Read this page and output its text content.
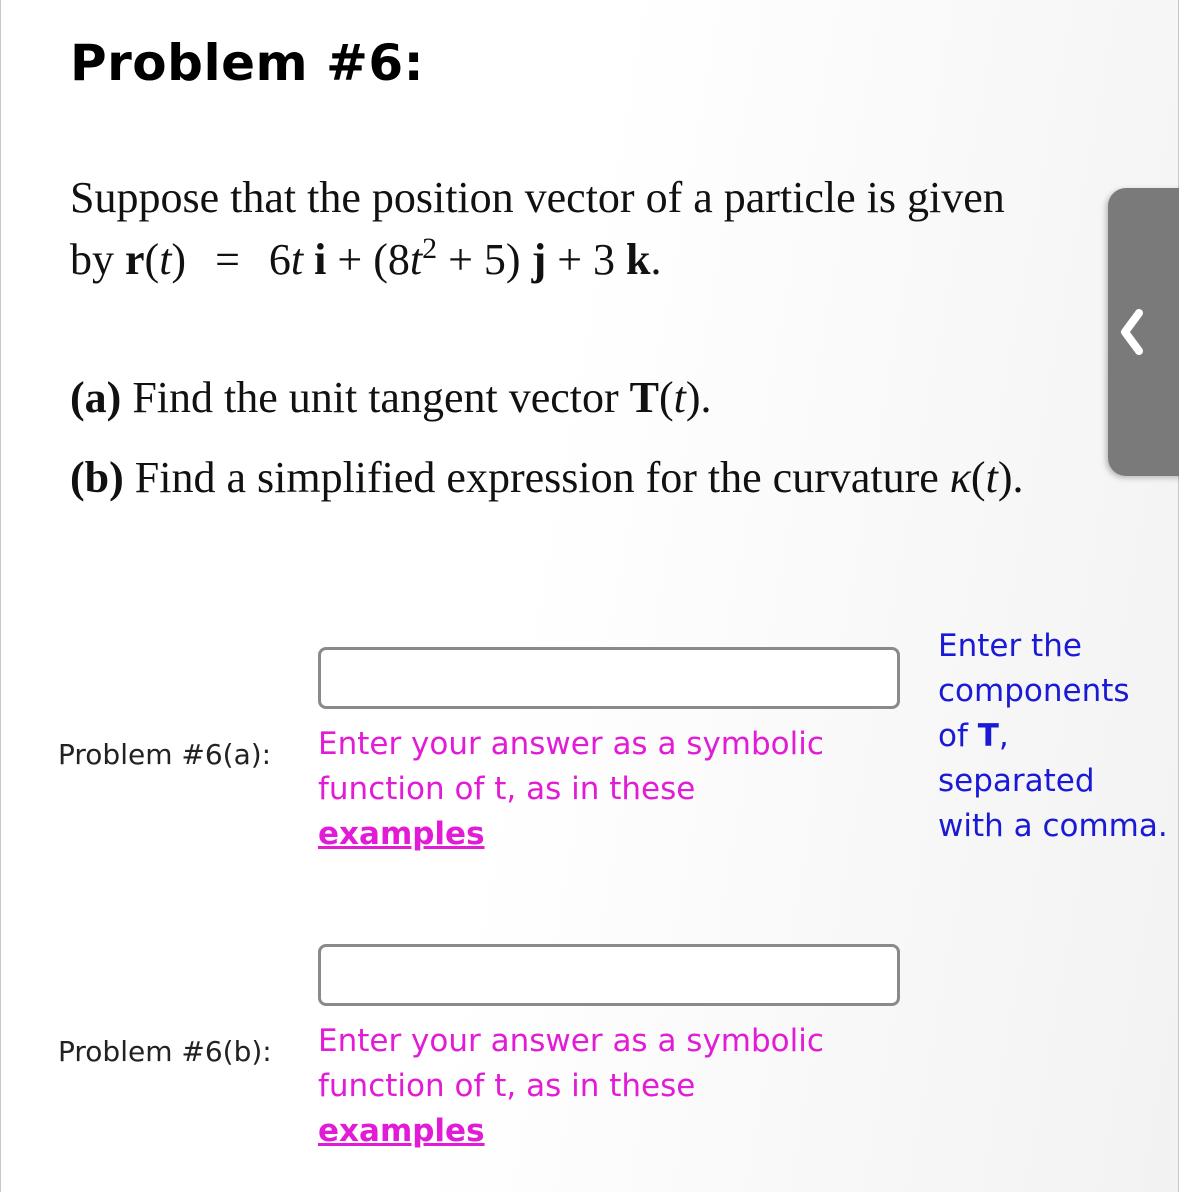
Problem #6:
Suppose that the position vector of a particle is given
by r(t) = 6t $i + (8t^2 + 5) j + 3$ k.
(a) Find the unit tangent vector T(t).
(b) Find a simplified expression for the curvature κ(t).
Problem #6(a): Enter your answer as a symbolic function of t, as in these
examples
Enter the components of T, separated with a comma.
Problem #6(b): Enter your answer as a symbolic function of t, as in these
examples
